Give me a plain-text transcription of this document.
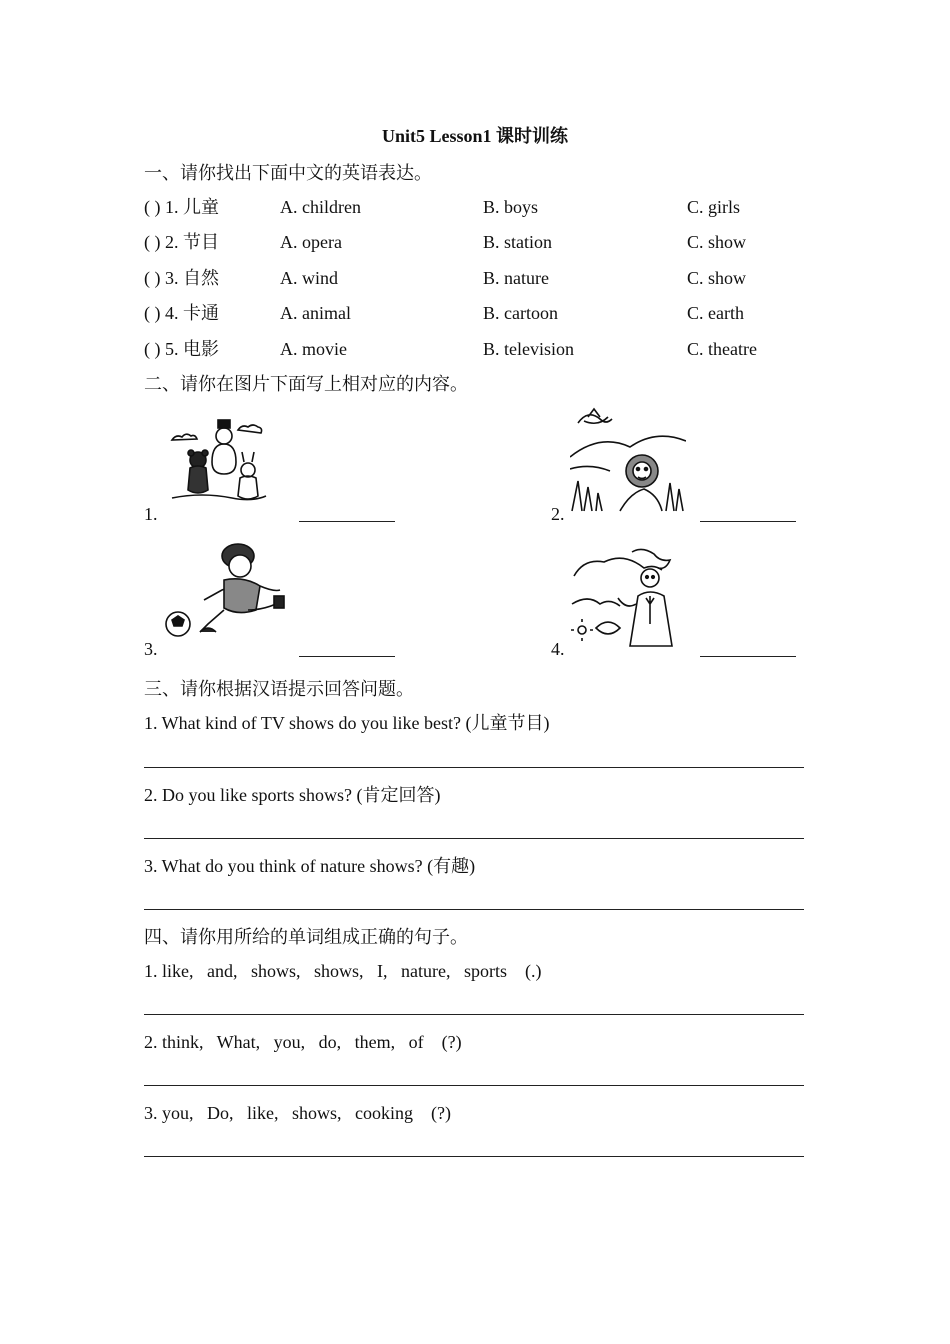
Unit5 Lesson1 课时训练
一、请你找出下面中文的英语表达。
( ) 1. 儿童	A. children	B. boys	C. girls
( ) 2. 节目	A. opera	B. station	C. show
( ) 3. 自然	A. wind	B. nature	C. show
( ) 4. 卡通	A. animal	B. cartoon	C. earth
( ) 5. 电影	A. movie	B. television	C. theatre
二、请你在图片下面写上相对应的内容。
1.	2.
3.	4.
三、请你根据汉语提示回答问题。
1. What kind of TV shows do you like best? (儿童节目)
2. Do you like sports shows? (肯定回答)
3. What do you think of nature shows? (有趣)
四、请你用所给的单词组成正确的句子。
1. like,   and,   shows,   shows,   I,   nature,   sports    (.)
2. think,   What,   you,   do,   them,   of    (?)
3. you,   Do,   like,   shows,   cooking    (?)
